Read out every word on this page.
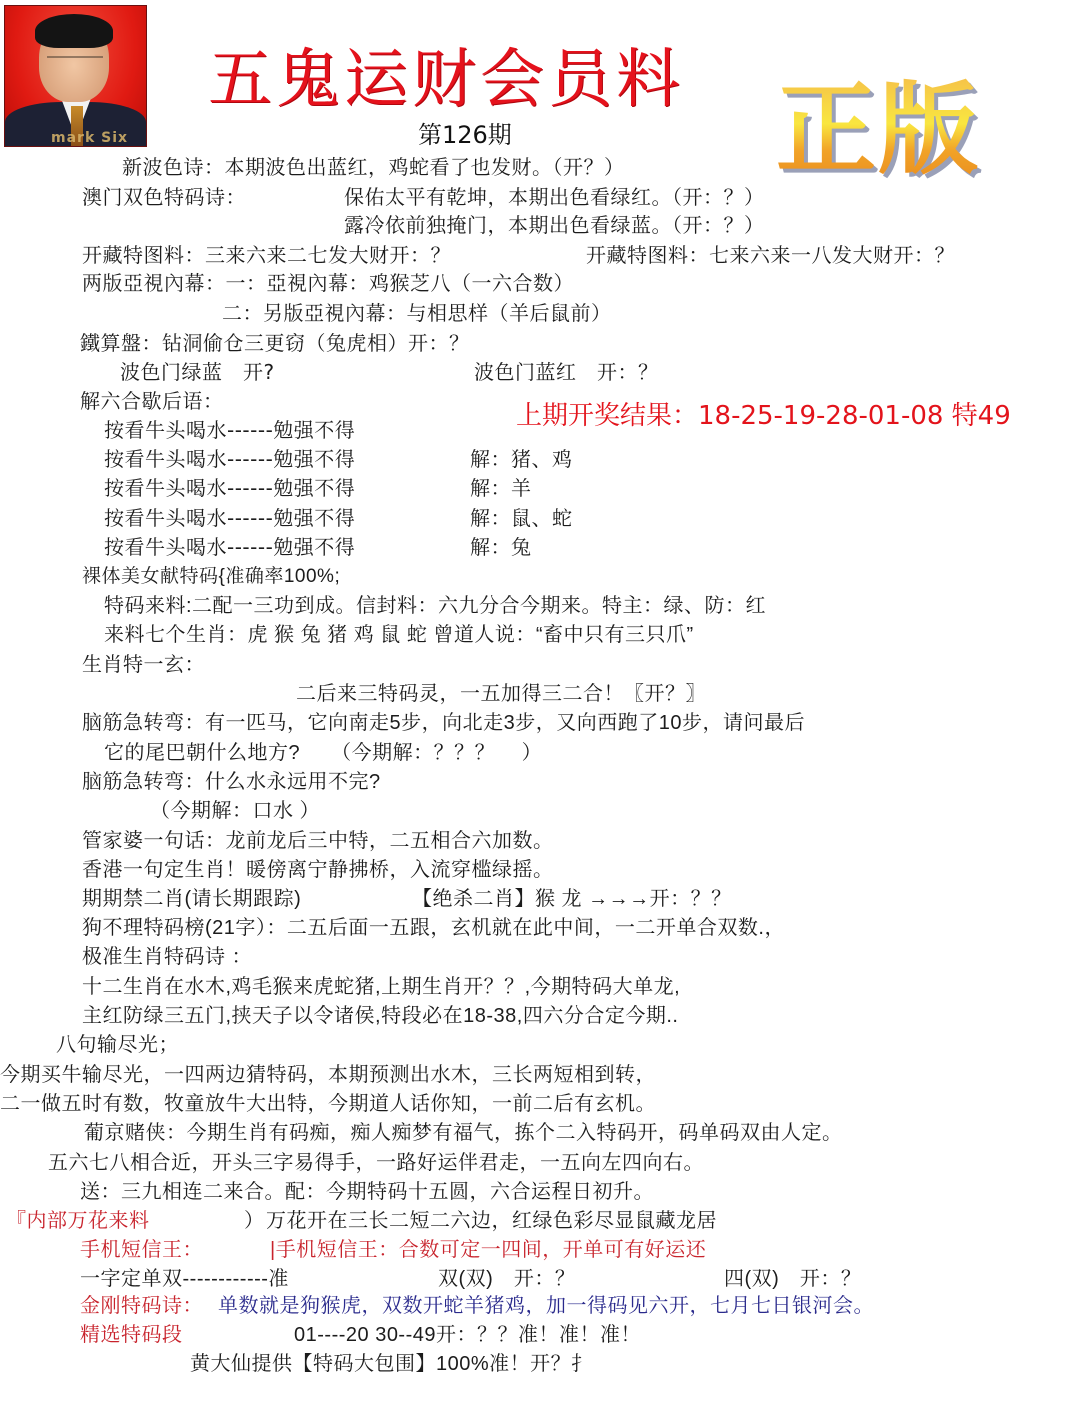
mark Six
五鬼运财会员料
第126期	正版
新波色诗：本期波色出蓝红，鸡蛇看了也发财。（开？）
澳门双色特码诗：	保佑太平有乾坤，本期出色看绿红。（开：？）
露冷依前独掩门，本期出色看绿蓝。（开：？）
开藏特图料：三来六来二七发大财开：？	开藏特图料：七来六来一八发大财开：？
两版亞視內幕：一：亞視內幕：鸡猴芝八（一六合数）
二：另版亞視內幕：与相思样（羊后鼠前）
鐵算盤：钻洞偷仓三更窃（兔虎相）开：？
波色门绿蓝　开?	波色门蓝红　开：？
解六合歇后语：	上期开奖结果：18-25-19-28-01-08 特49
按看牛头喝水------勉强不得
按看牛头喝水------勉强不得	解：猪、鸡
按看牛头喝水------勉强不得	解：羊
按看牛头喝水------勉强不得	解：鼠、蛇
按看牛头喝水------勉强不得	解：兔
裸体美女献特码{准确率100%;
特码来料:二配一三功到成。信封料：六九分合今期来。特主：绿、防：红
来料七个生肖：虎 猴 兔 猪 鸡 鼠 蛇 曾道人说：“畜中只有三只爪”
生肖特一玄：
二后来三特码灵，一五加得三二合！〖开？〗
脑筋急转弯：有一匹马，它向南走5步，向北走3步，又向西跑了10步，请问最后
它的尾巴朝什么地方?　　（今期解：？？？　 ）
脑筋急转弯：什么水永远用不完?
（今期解：口水 ）
管家婆一句话：龙前龙后三中特，二五相合六加数。
香港一句定生肖！暖傍离宁静拂桥，入流穿槛绿摇。
期期禁二肖(请长期跟踪)	【绝杀二肖】猴 龙 →→→开：？？
狗不理特码榜(21字）：二五后面一五跟，玄机就在此中间，一二开单合双数.，
极准生肖特码诗 ：
十二生肖在水木,鸡毛猴来虎蛇猪,上期生肖开？？,今期特码大单龙,
主红防绿三五门,挟天子以令诸侯,特段必在18-38,四六分合定今期..
八句输尽光；
今期买牛输尽光，一四两边猜特码，本期预测出水木，三长两短相到转，
二一做五时有数，牧童放牛大出特，今期道人话你知，一前二后有玄机。
葡京赌侠：今期生肖有码痴，痴人痴梦有福气，拣个二入特码开，码单码双由人定。
五六七八相合近，开头三字易得手，一路好运伴君走，一五向左四向右。
送：三九相连二来合。配：今期特码十五圆，六合运程日初升。
『内部万花来料	） 万花开在三长二短二六边，红绿色彩尽显鼠藏龙居
手机短信王：	|手机短信王：合数可定一四间，开单可有好运还
一字定单双------------准	双(双)　开：？	四(双)　开：？
金刚特码诗： 单数就是狗猴虎，双数开蛇羊猪鸡，加一得码见六开，七月七日银河会。
精选特码段	01----20 30--49开：？？准！准！准！
黄大仙提供【特码大包围】100%准！开？扌
